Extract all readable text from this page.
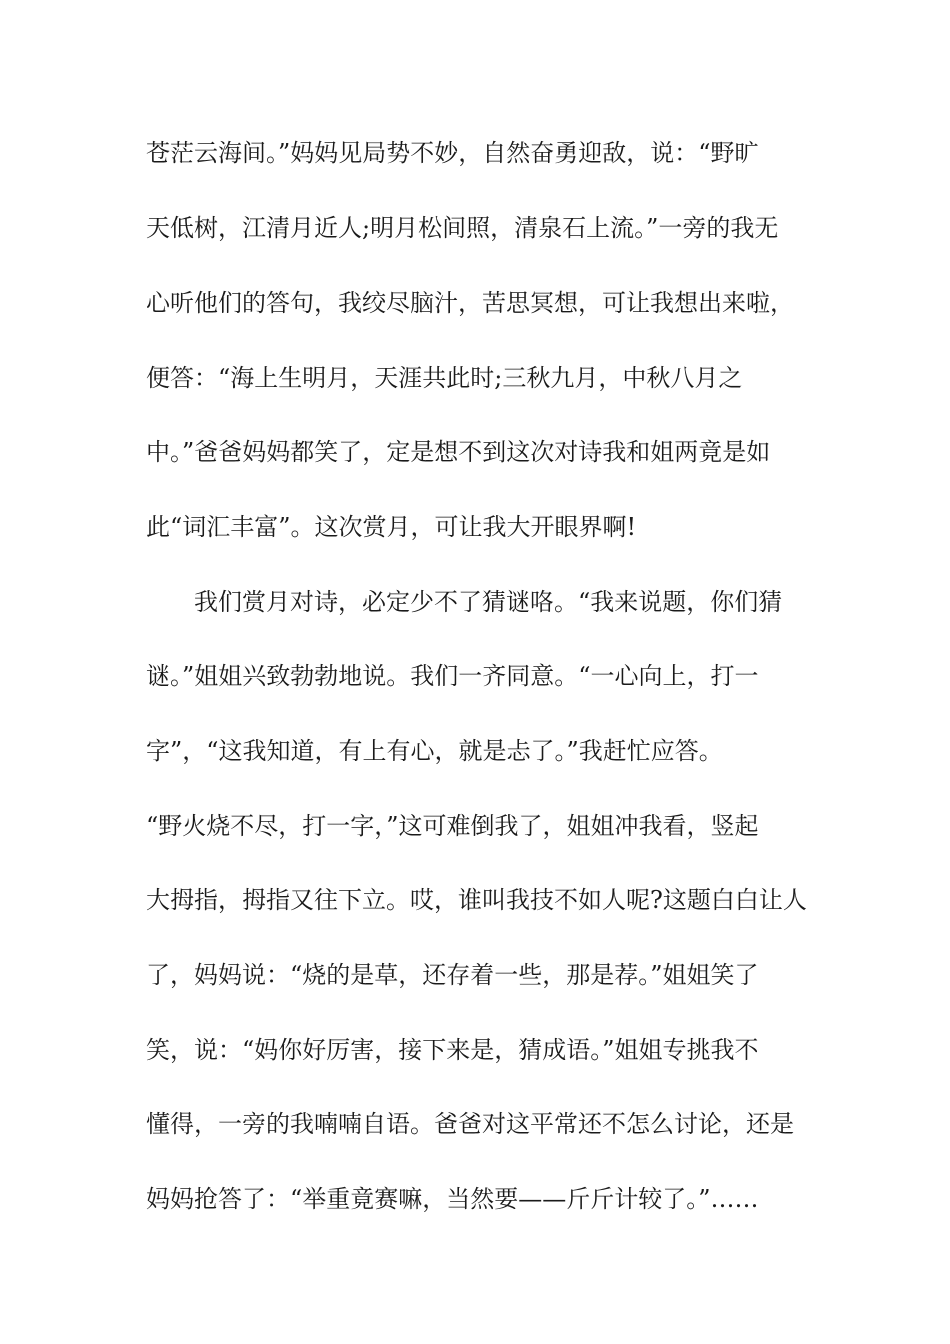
苍茫云海间。”妈妈见局势不妙，自然奋勇迎敌，说：“野旷
天低树，江清月近人;明月松间照，清泉石上流。”一旁的我无
心听他们的答句，我绞尽脑汁，苦思冥想，可让我想出来啦，
便答：“海上生明月，天涯共此时;三秋九月，中秋八月之
中。”爸爸妈妈都笑了，定是想不到这次对诗我和姐两竟是如
此“词汇丰富”。这次赏月，可让我大开眼界啊!
我们赏月对诗，必定少不了猜谜咯。“我来说题，你们猜
谜。”姐姐兴致勃勃地说。我们一齐同意。“一心向上，打一
字”，“这我知道，有上有心，就是忐了。”我赶忙应答。
“野火烧不尽，打一字，”这可难倒我了，姐姐冲我看，竖起
大拇指，拇指又往下立。哎，谁叫我技不如人呢?这题白白让人
了，妈妈说：“烧的是草，还存着一些，那是荐。”姐姐笑了
笑，说：“妈你好厉害，接下来是，猜成语。”姐姐专挑我不
懂得，一旁的我喃喃自语。爸爸对这平常还不怎么讨论，还是
妈妈抢答了：“举重竟赛嘛，当然要——斤斤计较了。”……
